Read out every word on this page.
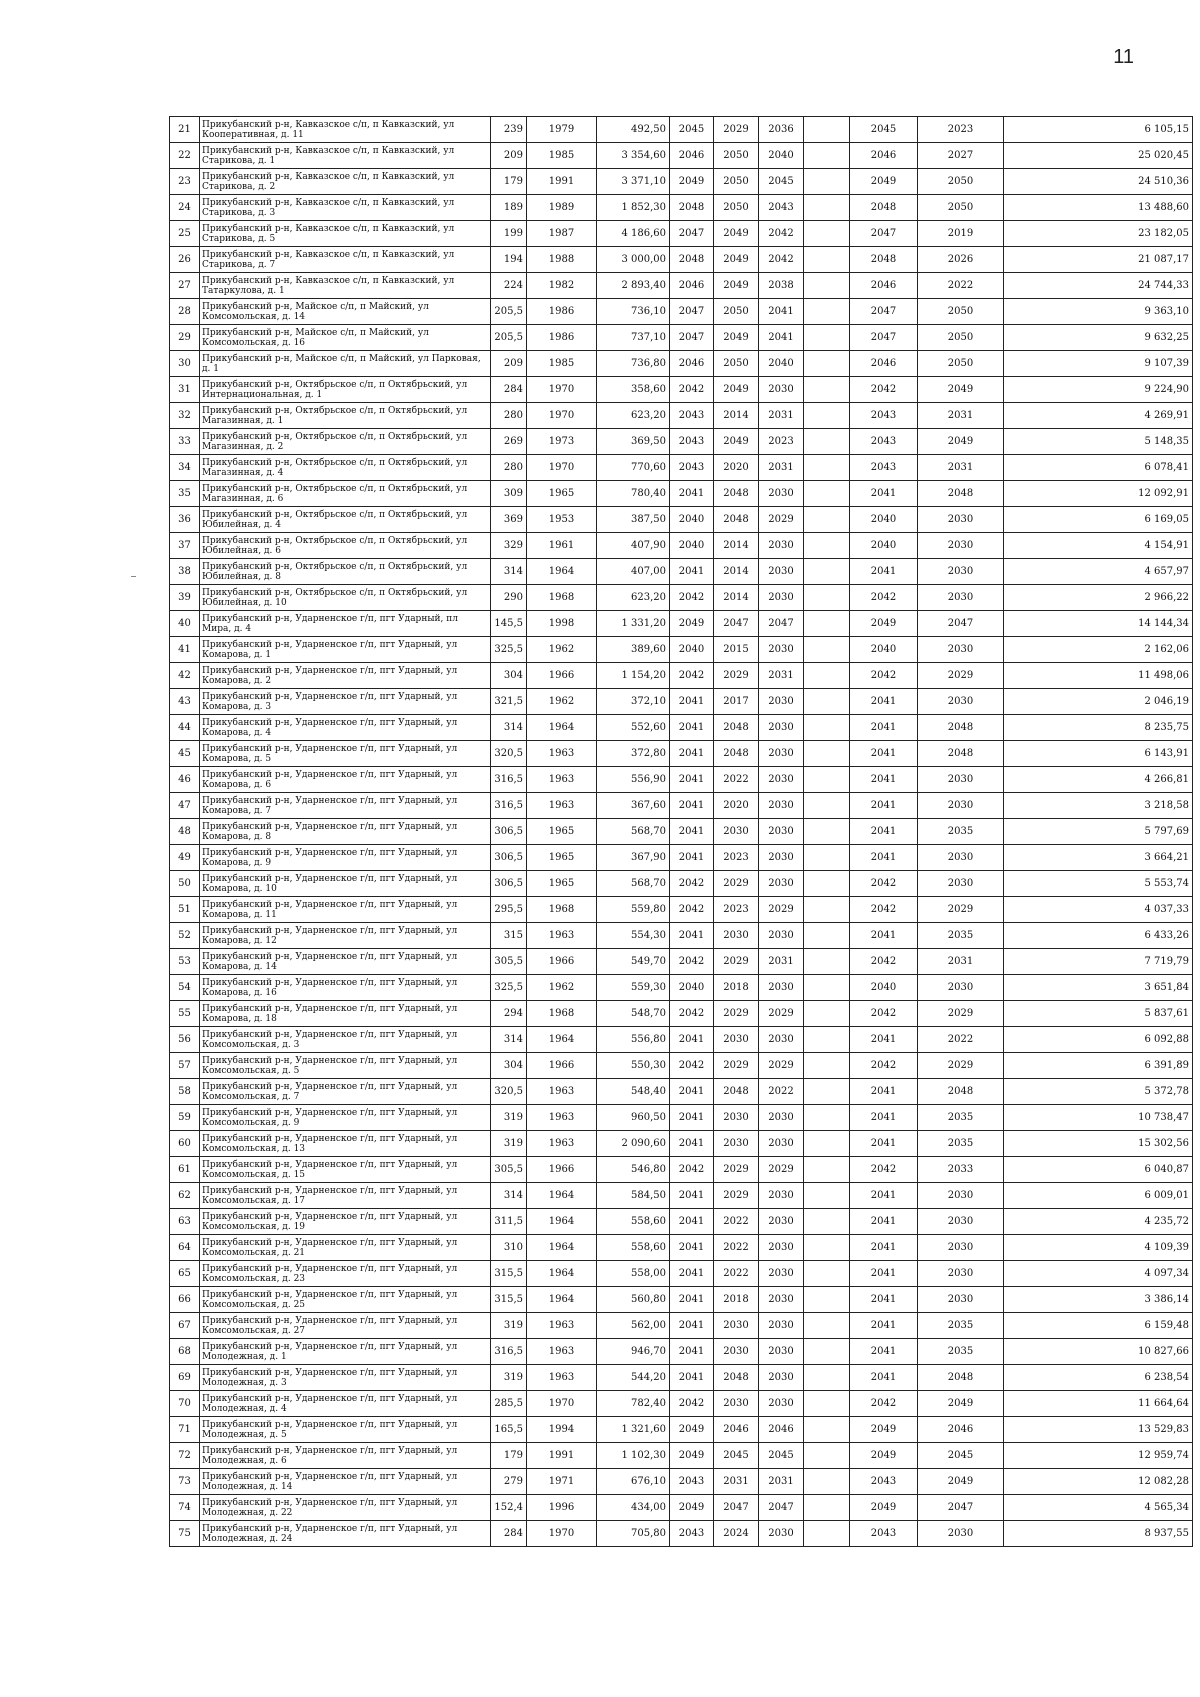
11
21	Прикубанский р-н, Кавказское с/п, п Кавказский, ул Кооперативная, д. 11	239	1979	492,50	2045	2029	2036		2045	2023	6 105,15
22	Прикубанский р-н, Кавказское с/п, п Кавказский, ул Старикова, д. 1	209	1985	3 354,60	2046	2050	2040		2046	2027	25 020,45
23	Прикубанский р-н, Кавказское с/п, п Кавказский, ул Старикова, д. 2	179	1991	3 371,10	2049	2050	2045		2049	2050	24 510,36
24	Прикубанский р-н, Кавказское с/п, п Кавказский, ул Старикова, д. 3	189	1989	1 852,30	2048	2050	2043		2048	2050	13 488,60
25	Прикубанский р-н, Кавказское с/п, п Кавказский, ул Старикова, д. 5	199	1987	4 186,60	2047	2049	2042		2047	2019	23 182,05
26	Прикубанский р-н, Кавказское с/п, п Кавказский, ул Старикова, д. 7	194	1988	3 000,00	2048	2049	2042		2048	2026	21 087,17
27	Прикубанский р-н, Кавказское с/п, п Кавказский, ул Татаркулова, д. 1	224	1982	2 893,40	2046	2049	2038		2046	2022	24 744,33
28	Прикубанский р-н, Майское с/п, п Майский, ул Комсомольская, д. 14	205,5	1986	736,10	2047	2050	2041		2047	2050	9 363,10
29	Прикубанский р-н, Майское с/п, п Майский, ул Комсомольская, д. 16	205,5	1986	737,10	2047	2049	2041		2047	2050	9 632,25
30	Прикубанский р-н, Майское с/п, п Майский, ул Парковая, д. 1	209	1985	736,80	2046	2050	2040		2046	2050	9 107,39
31	Прикубанский р-н, Октябрьское с/п, п Октябрьский, ул Интернациональная, д. 1	284	1970	358,60	2042	2049	2030		2042	2049	9 224,90
32	Прикубанский р-н, Октябрьское с/п, п Октябрьский, ул Магазинная, д. 1	280	1970	623,20	2043	2014	2031		2043	2031	4 269,91
33	Прикубанский р-н, Октябрьское с/п, п Октябрьский, ул Магазинная, д. 2	269	1973	369,50	2043	2049	2023		2043	2049	5 148,35
34	Прикубанский р-н, Октябрьское с/п, п Октябрьский, ул Магазинная, д. 4	280	1970	770,60	2043	2020	2031		2043	2031	6 078,41
35	Прикубанский р-н, Октябрьское с/п, п Октябрьский, ул Магазинная, д. 6	309	1965	780,40	2041	2048	2030		2041	2048	12 092,91
36	Прикубанский р-н, Октябрьское с/п, п Октябрьский, ул Юбилейная, д. 4	369	1953	387,50	2040	2048	2029		2040	2030	6 169,05
37	Прикубанский р-н, Октябрьское с/п, п Октябрьский, ул Юбилейная, д. 6	329	1961	407,90	2040	2014	2030		2040	2030	4 154,91
38	Прикубанский р-н, Октябрьское с/п, п Октябрьский, ул Юбилейная, д. 8	314	1964	407,00	2041	2014	2030		2041	2030	4 657,97
39	Прикубанский р-н, Октябрьское с/п, п Октябрьский, ул Юбилейная, д. 10	290	1968	623,20	2042	2014	2030		2042	2030	2 966,22
40	Прикубанский р-н, Ударненское г/п, пгт Ударный, пл Мира, д. 4	145,5	1998	1 331,20	2049	2047	2047		2049	2047	14 144,34
41	Прикубанский р-н, Ударненское г/п, пгт Ударный, ул Комарова, д. 1	325,5	1962	389,60	2040	2015	2030		2040	2030	2 162,06
42	Прикубанский р-н, Ударненское г/п, пгт Ударный, ул Комарова, д. 2	304	1966	1 154,20	2042	2029	2031		2042	2029	11 498,06
43	Прикубанский р-н, Ударненское г/п, пгт Ударный, ул Комарова, д. 3	321,5	1962	372,10	2041	2017	2030		2041	2030	2 046,19
44	Прикубанский р-н, Ударненское г/п, пгт Ударный, ул Комарова, д. 4	314	1964	552,60	2041	2048	2030		2041	2048	8 235,75
45	Прикубанский р-н, Ударненское г/п, пгт Ударный, ул Комарова, д. 5	320,5	1963	372,80	2041	2048	2030		2041	2048	6 143,91
46	Прикубанский р-н, Ударненское г/п, пгт Ударный, ул Комарова, д. 6	316,5	1963	556,90	2041	2022	2030		2041	2030	4 266,81
47	Прикубанский р-н, Ударненское г/п, пгт Ударный, ул Комарова, д. 7	316,5	1963	367,60	2041	2020	2030		2041	2030	3 218,58
48	Прикубанский р-н, Ударненское г/п, пгт Ударный, ул Комарова, д. 8	306,5	1965	568,70	2041	2030	2030		2041	2035	5 797,69
49	Прикубанский р-н, Ударненское г/п, пгт Ударный, ул Комарова, д. 9	306,5	1965	367,90	2041	2023	2030		2041	2030	3 664,21
50	Прикубанский р-н, Ударненское г/п, пгт Ударный, ул Комарова, д. 10	306,5	1965	568,70	2042	2029	2030		2042	2030	5 553,74
51	Прикубанский р-н, Ударненское г/п, пгт Ударный, ул Комарова, д. 11	295,5	1968	559,80	2042	2023	2029		2042	2029	4 037,33
52	Прикубанский р-н, Ударненское г/п, пгт Ударный, ул Комарова, д. 12	315	1963	554,30	2041	2030	2030		2041	2035	6 433,26
53	Прикубанский р-н, Ударненское г/п, пгт Ударный, ул Комарова, д. 14	305,5	1966	549,70	2042	2029	2031		2042	2031	7 719,79
54	Прикубанский р-н, Ударненское г/п, пгт Ударный, ул Комарова, д. 16	325,5	1962	559,30	2040	2018	2030		2040	2030	3 651,84
55	Прикубанский р-н, Ударненское г/п, пгт Ударный, ул Комарова, д. 18	294	1968	548,70	2042	2029	2029		2042	2029	5 837,61
56	Прикубанский р-н, Ударненское г/п, пгт Ударный, ул Комсомольская, д. 3	314	1964	556,80	2041	2030	2030		2041	2022	6 092,88
57	Прикубанский р-н, Ударненское г/п, пгт Ударный, ул Комсомольская, д. 5	304	1966	550,30	2042	2029	2029		2042	2029	6 391,89
58	Прикубанский р-н, Ударненское г/п, пгт Ударный, ул Комсомольская, д. 7	320,5	1963	548,40	2041	2048	2022		2041	2048	5 372,78
59	Прикубанский р-н, Ударненское г/п, пгт Ударный, ул Комсомольская, д. 9	319	1963	960,50	2041	2030	2030		2041	2035	10 738,47
60	Прикубанский р-н, Ударненское г/п, пгт Ударный, ул Комсомольская, д. 13	319	1963	2 090,60	2041	2030	2030		2041	2035	15 302,56
61	Прикубанский р-н, Ударненское г/п, пгт Ударный, ул Комсомольская, д. 15	305,5	1966	546,80	2042	2029	2029		2042	2033	6 040,87
62	Прикубанский р-н, Ударненское г/п, пгт Ударный, ул Комсомольская, д. 17	314	1964	584,50	2041	2029	2030		2041	2030	6 009,01
63	Прикубанский р-н, Ударненское г/п, пгт Ударный, ул Комсомольская, д. 19	311,5	1964	558,60	2041	2022	2030		2041	2030	4 235,72
64	Прикубанский р-н, Ударненское г/п, пгт Ударный, ул Комсомольская, д. 21	310	1964	558,60	2041	2022	2030		2041	2030	4 109,39
65	Прикубанский р-н, Ударненское г/п, пгт Ударный, ул Комсомольская, д. 23	315,5	1964	558,00	2041	2022	2030		2041	2030	4 097,34
66	Прикубанский р-н, Ударненское г/п, пгт Ударный, ул Комсомольская, д. 25	315,5	1964	560,80	2041	2018	2030		2041	2030	3 386,14
67	Прикубанский р-н, Ударненское г/п, пгт Ударный, ул Комсомольская, д. 27	319	1963	562,00	2041	2030	2030		2041	2035	6 159,48
68	Прикубанский р-н, Ударненское г/п, пгт Ударный, ул Молодежная, д. 1	316,5	1963	946,70	2041	2030	2030		2041	2035	10 827,66
69	Прикубанский р-н, Ударненское г/п, пгт Ударный, ул Молодежная, д. 3	319	1963	544,20	2041	2048	2030		2041	2048	6 238,54
70	Прикубанский р-н, Ударненское г/п, пгт Ударный, ул Молодежная, д. 4	285,5	1970	782,40	2042	2030	2030		2042	2049	11 664,64
71	Прикубанский р-н, Ударненское г/п, пгт Ударный, ул Молодежная, д. 5	165,5	1994	1 321,60	2049	2046	2046		2049	2046	13 529,83
72	Прикубанский р-н, Ударненское г/п, пгт Ударный, ул Молодежная, д. 6	179	1991	1 102,30	2049	2045	2045		2049	2045	12 959,74
73	Прикубанский р-н, Ударненское г/п, пгт Ударный, ул Молодежная, д. 14	279	1971	676,10	2043	2031	2031		2043	2049	12 082,28
74	Прикубанский р-н, Ударненское г/п, пгт Ударный, ул Молодежная, д. 22	152,4	1996	434,00	2049	2047	2047		2049	2047	4 565,34
75	Прикубанский р-н, Ударненское г/п, пгт Ударный, ул Молодежная, д. 24	284	1970	705,80	2043	2024	2030		2043	2030	8 937,55
